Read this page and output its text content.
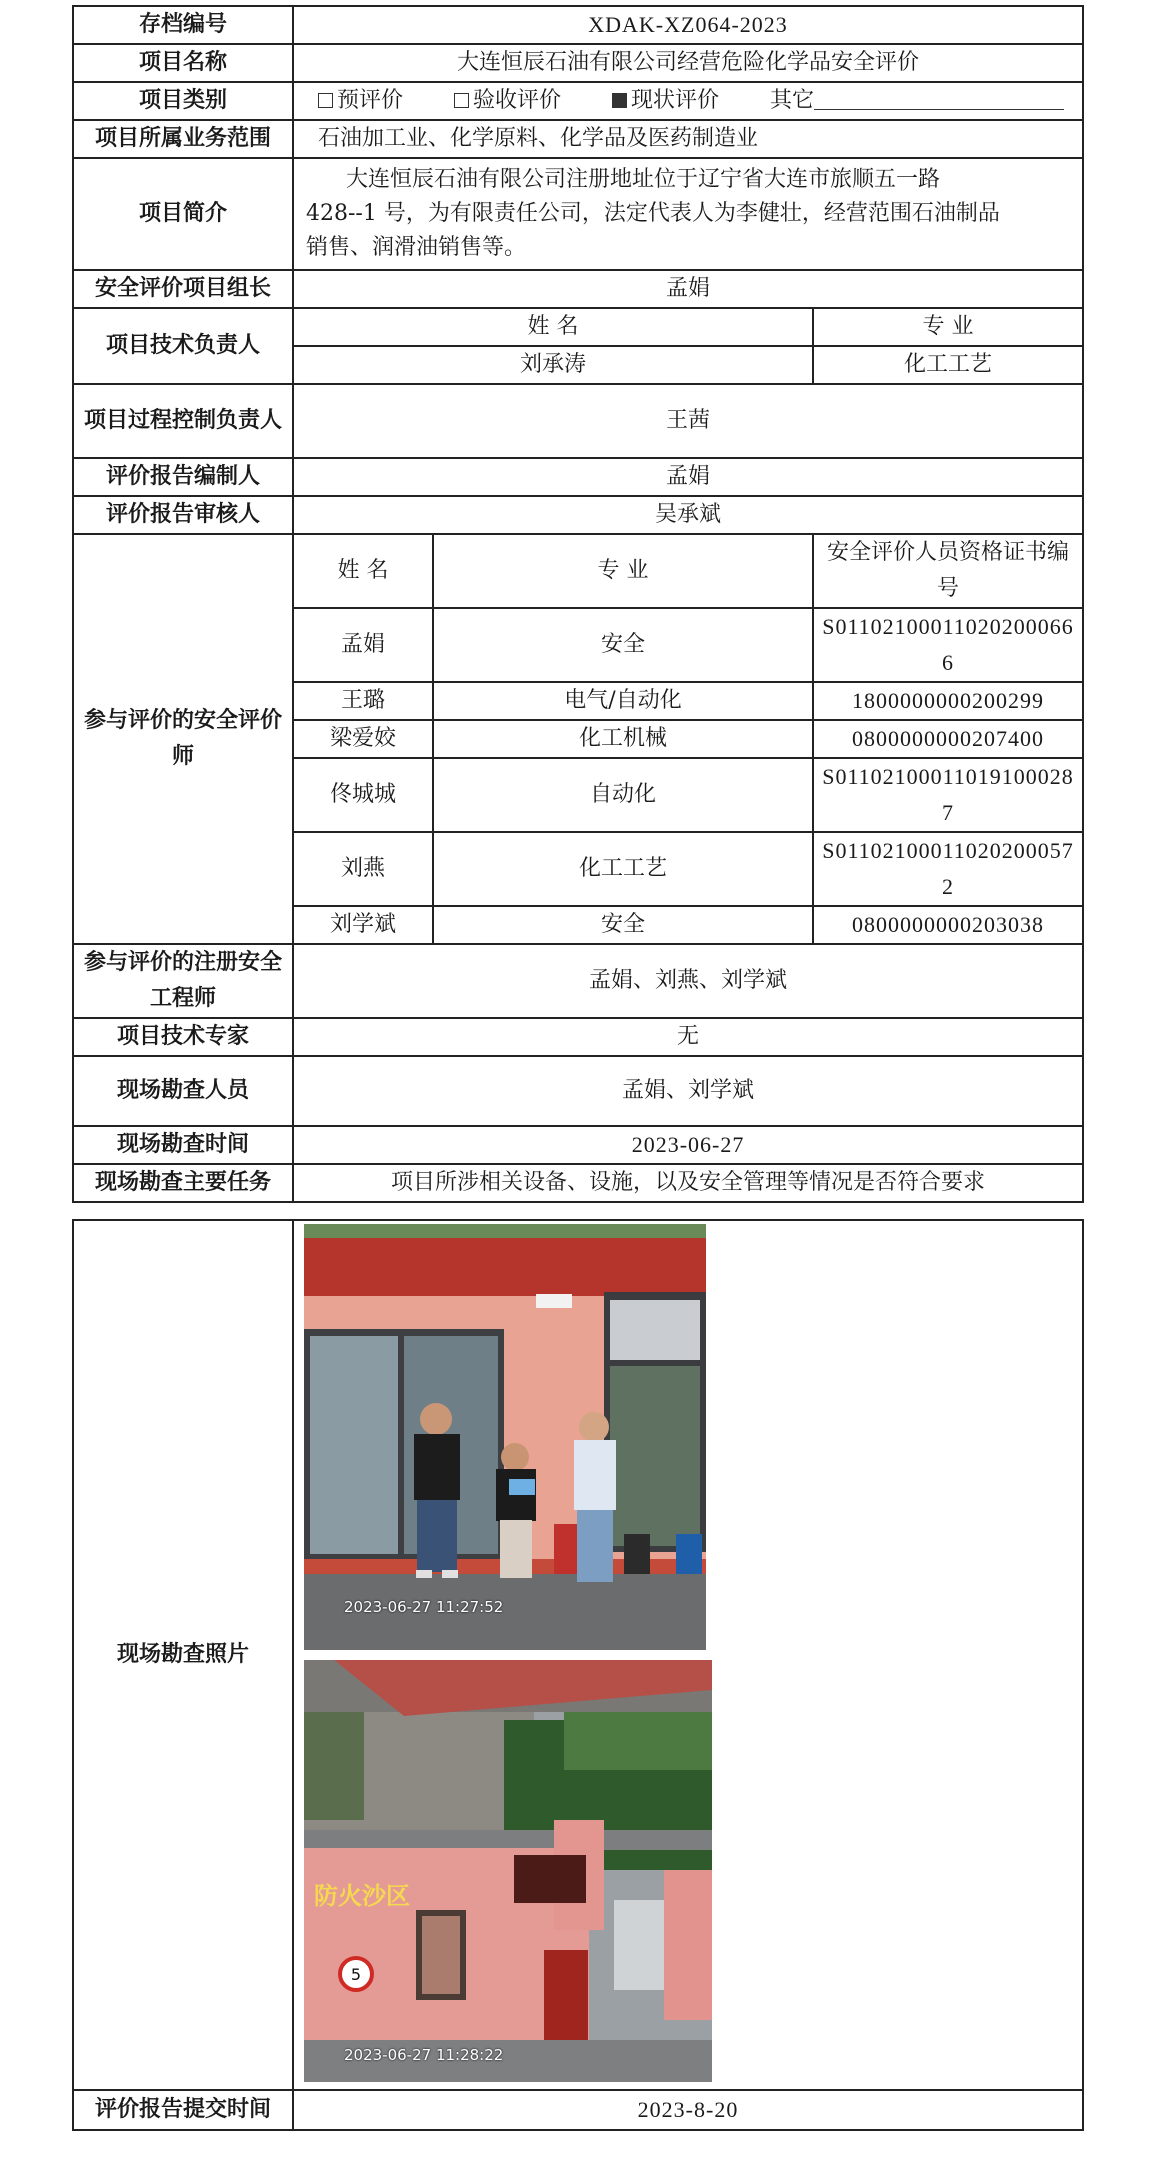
存档编号	XDAK-XZ064-2023		
项目名称	大连恒辰石油有限公司经营危险化学品安全评价		
项目类别	预评价 验收评价 现状评价 其它		
项目所属业务范围	石油加工业、化学原料、化学品及医药制造业		
项目简介	大连恒辰石油有限公司注册地址位于辽宁省大连市旅顺五一路
428--1 号，为有限责任公司，法定代表人为李健壮，经营范围石油制品
销售、润滑油销售等。		

安全评价项目组长	孟娟		
项目技术负责人	姓 名		专 业
	刘承涛		化工工艺
项目过程控制负责人	王茜		
评价报告编制人	孟娟		
评价报告审核人	吴承斌		
参与评价的安全评价师	姓 名	专 业	安全评价人员资格证书编号
	孟娟	安全	S011021000110202000666
	王璐	电气/自动化	1800000000200299
	梁爱姣	化工机械	0800000000207400
	佟城城	自动化	S011021000110191000287
	刘燕	化工工艺	S011021000110202000572
	刘学斌	安全	0800000000203038
参与评价的注册安全工程师	孟娟、刘燕、刘学斌		
项目技术专家	无		
现场勘查人员	孟娟、刘学斌		
现场勘查时间	2023-06-27		
现场勘查主要任务	项目所涉相关设备、设施，以及安全管理等情况是否符合要求		
现场勘查照片	
评价报告提交时间	2023-8-20
2023-06-27 11:27:52
5
防火沙区
2023-06-27 11:28:22
